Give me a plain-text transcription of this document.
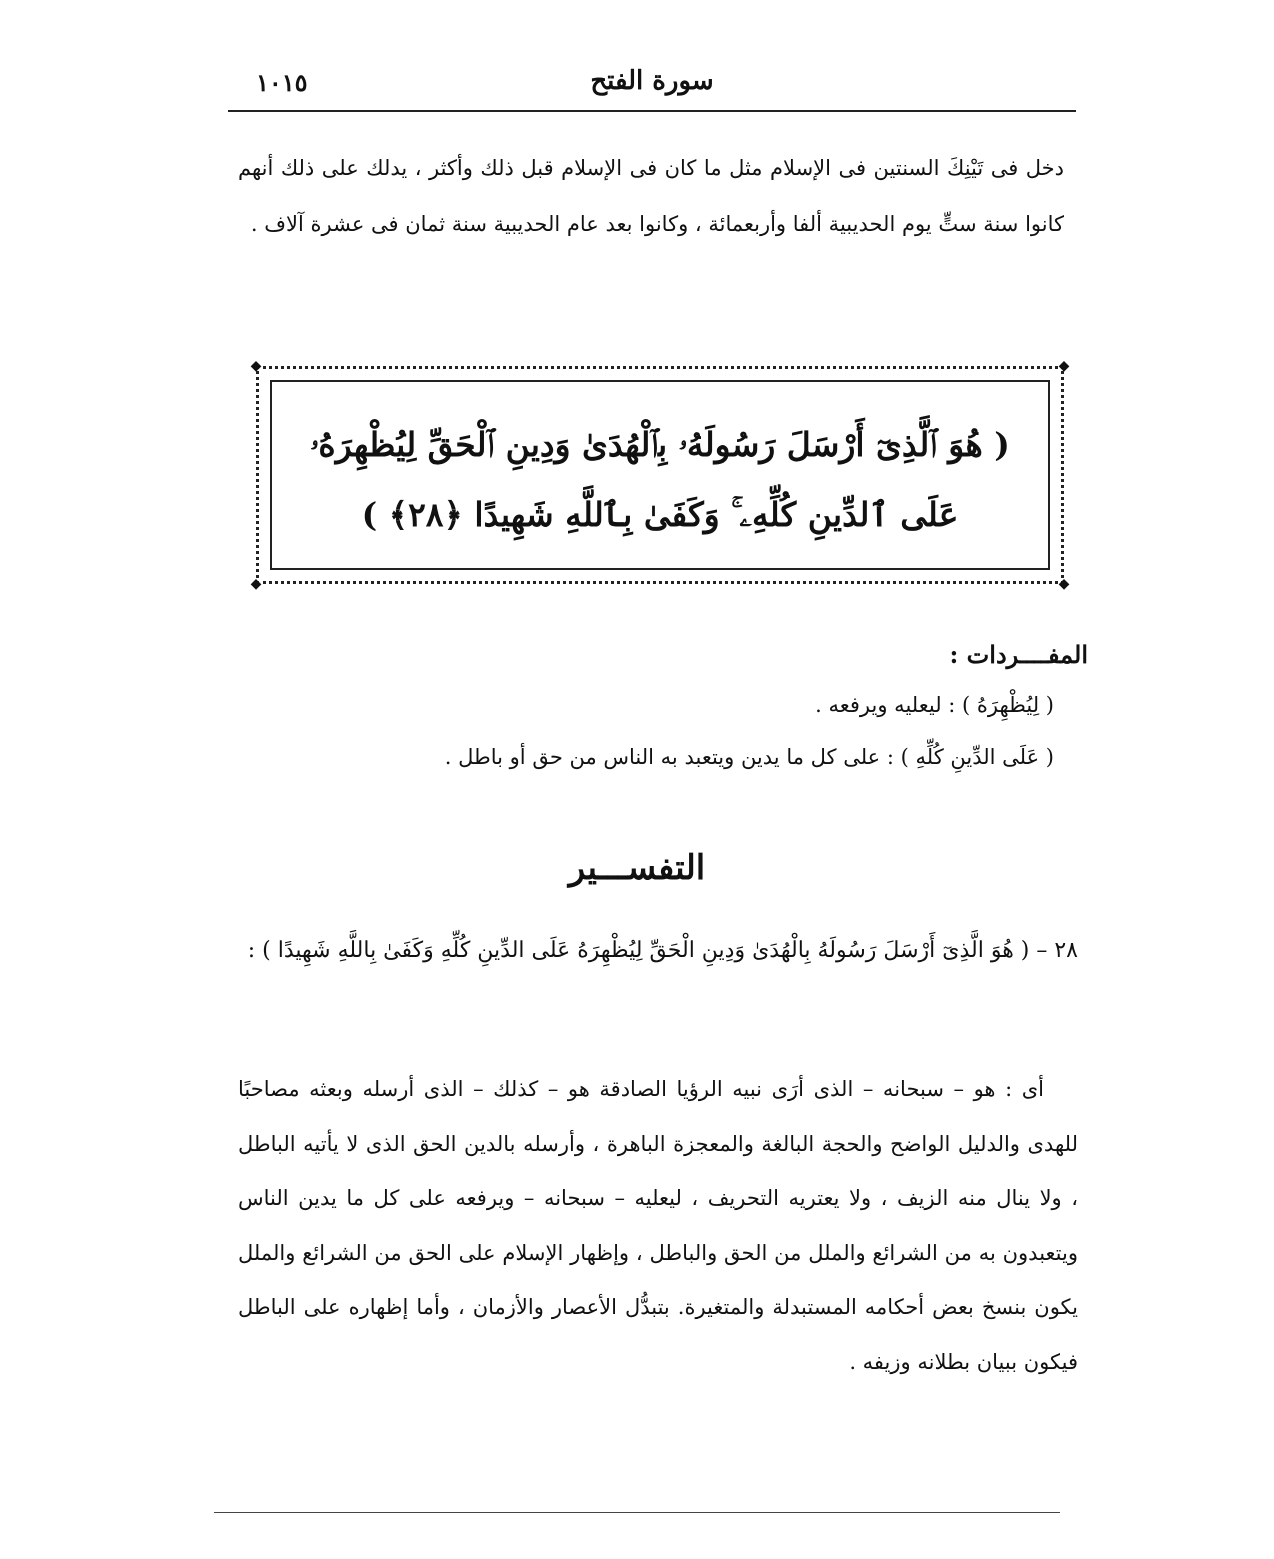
سورة الفتح
١٠١٥

دخل فى تَيْنِكَ السنتين فى الإسلام مثل ما كان فى الإسلام قبل ذلك وأكثر ، يدلك على ذلك أنهم كانوا سنة ستٍّ يوم الحديبية ألفا وأربعمائة ، وكانوا بعد عام الحديبية سنة ثمان فى عشرة آلاف .

◆	◆
◆	◆
( هُوَ ٱلَّذِىٓ أَرْسَلَ رَسُولَهُۥ بِٱلْهُدَىٰ وَدِينِ ٱلْحَقِّ لِيُظْهِرَهُۥ
عَلَى ٱلدِّينِ كُلِّهِۦ ۚ وَكَفَىٰ بِٱللَّهِ شَهِيدًا ﴿٢٨﴾ )
المفــــردات :
( لِيُظْهِرَهُ ) : ليعليه ويرفعه .
( عَلَى الدِّينِ كُلِّهِ ) : على كل ما يدين ويتعبد به الناس من حق أو باطل .
التفســـير
٢٨ – ( هُوَ الَّذِىٓ أَرْسَلَ رَسُولَهُ بِالْهُدَىٰ وَدِينِ الْحَقِّ لِيُظْهِرَهُ عَلَى الدِّينِ كُلِّهِ وَكَفَىٰ بِاللَّهِ شَهِيدًا ) :

أى : هو – سبحانه – الذى أرَى نبيه الرؤيا الصادقة هو – كذلك – الذى أرسله وبعثه مصاحبًا للهدى والدليل الواضح والحجة البالغة والمعجزة الباهرة ، وأرسله بالدين الحق الذى لا يأتيه الباطل ، ولا ينال منه الزيف ، ولا يعتريه التحريف ، ليعليه – سبحانه – ويرفعه على كل ما يدين الناس ويتعبدون به من الشرائع والملل من الحق والباطل ، وإظهار الإسلام على الحق من الشرائع والملل يكون بنسخ بعض أحكامه المستبدلة والمتغيرة. بتبدُّل الأعصار والأزمان ، وأما إظهاره على الباطل فيكون ببيان بطلانه وزيفه .
